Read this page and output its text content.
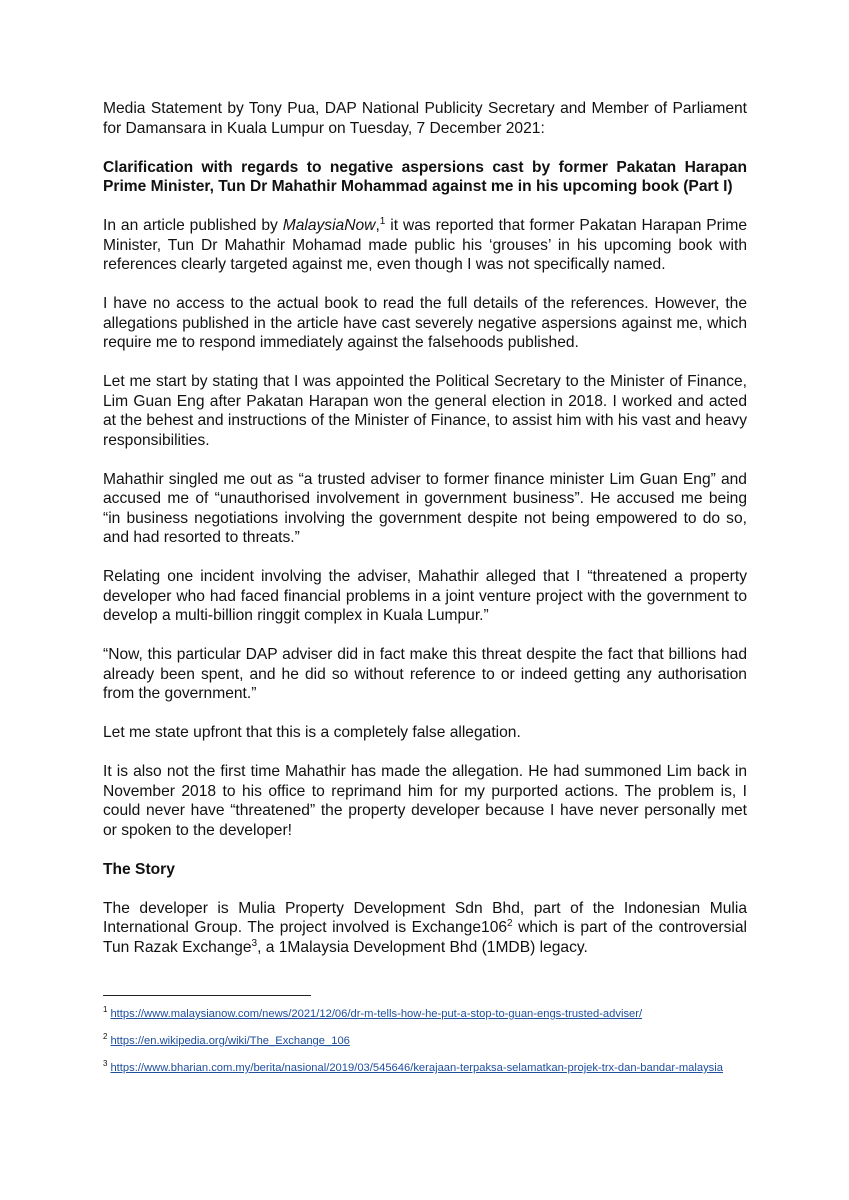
Media Statement by Tony Pua, DAP National Publicity Secretary and Member of Parliament for Damansara in Kuala Lumpur on Tuesday, 7 December 2021:

Clarification with regards to negative aspersions cast by former Pakatan Harapan Prime Minister, Tun Dr Mahathir Mohammad against me in his upcoming book (Part I)

In an article published by MalaysiaNow,$^1$ it was reported that former Pakatan Harapan Prime Minister, Tun Dr Mahathir Mohamad made public his ‘grouses’ in his upcoming book with references clearly targeted against me, even though I was not specifically named.

I have no access to the actual book to read the full details of the references. However, the allegations published in the article have cast severely negative aspersions against me, which require me to respond immediately against the falsehoods published.

Let me start by stating that I was appointed the Political Secretary to the Minister of Finance, Lim Guan Eng after Pakatan Harapan won the general election in 2018. I worked and acted at the behest and instructions of the Minister of Finance, to assist him with his vast and heavy responsibilities.

Mahathir singled me out as “a trusted adviser to former finance minister Lim Guan Eng” and accused me of “unauthorised involvement in government business”. He accused me being “in business negotiations involving the government despite not being empowered to do so, and had resorted to threats.”

Relating one incident involving the adviser, Mahathir alleged that I “threatened a property developer who had faced financial problems in a joint venture project with the government to develop a multi-billion ringgit complex in Kuala Lumpur.”

“Now, this particular DAP adviser did in fact make this threat despite the fact that billions had already been spent, and he did so without reference to or indeed getting any authorisation from the government.”

Let me state upfront that this is a completely false allegation.

It is also not the first time Mahathir has made the allegation. He had summoned Lim back in November 2018 to his office to reprimand him for my purported actions. The problem is, I could never have “threatened” the property developer because I have never personally met or spoken to the developer!

The Story

The developer is Mulia Property Development Sdn Bhd, part of the Indonesian Mulia International Group. The project involved is $Exchange106^2$ which is part of the controversial Tun Razak Exchange$^3$, a 1Malaysia Development Bhd (1MDB) legacy.

$^1$ https://www.malaysianow.com/news/2021/12/06/dr-m-tells-how-he-put-a-stop-to-guan-engs-trusted-adviser/

$^2$ https://en.wikipedia.org/wiki/The_Exchange_106

$^3$ https://www.bharian.com.my/berita/nasional/2019/03/545646/kerajaan-terpaksa-selamatkan-projek-trx-dan-bandar-malaysia
